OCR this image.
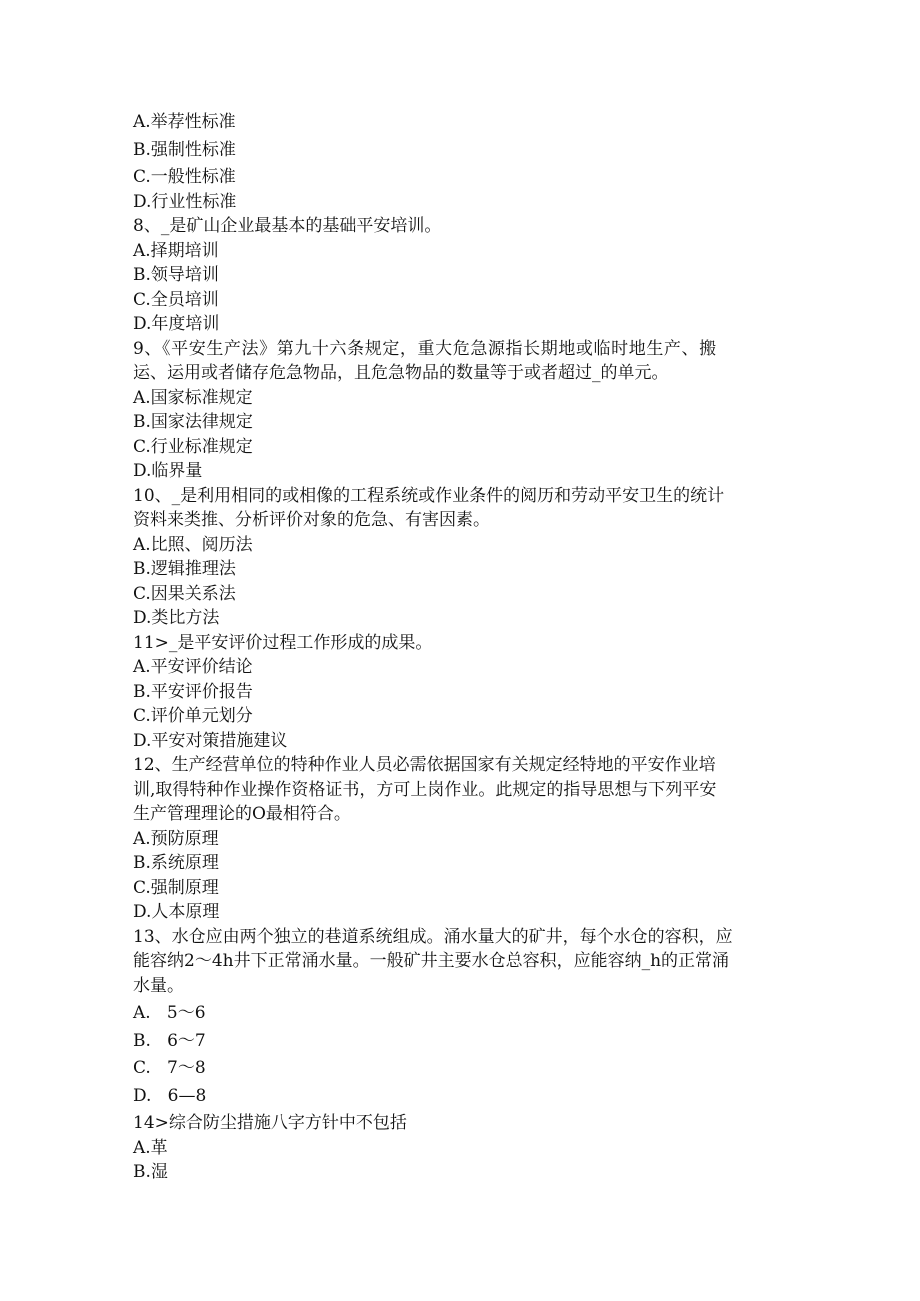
A.举荐性标准
B.强制性标准
C.一般性标准
D.行业性标准
8、_是矿山企业最基本的基础平安培训。
A.择期培训
B.领导培训
C.全员培训
D.年度培训
9、《平安生产法》第九十六条规定，重大危急源指长期地或临时地生产、搬
运、运用或者储存危急物品，且危急物品的数量等于或者超过_的单元。
A.国家标准规定
B.国家法律规定
C.行业标准规定
D.临界量
10、_是利用相同的或相像的工程系统或作业条件的阅历和劳动平安卫生的统计
资料来类推、分析评价对象的危急、有害因素。
A.比照、阅历法
B.逻辑推理法
C.因果关系法
D.类比方法
11>_是平安评价过程工作形成的成果。
A.平安评价结论
B.平安评价报告
C.评价单元划分
D.平安对策措施建议
12、生产经营单位的特种作业人员必需依据国家有关规定经特地的平安作业培
训,取得特种作业操作资格证书，方可上岗作业。此规定的指导思想与下列平安
生产管理理论的O最相符合。
A.预防原理
B.系统原理
C.强制原理
D.人本原理
13、水仓应由两个独立的巷道系统组成。涌水量大的矿井，每个水仓的容积，应
能容纳2～4h井下正常涌水量。一般矿井主要水仓总容积，应能容纳_h的正常涌
水量。
A.   5～6
B.   6～7
C.   7～8
D.   6—8
14>综合防尘措施八字方针中不包括
A.革
B.湿
